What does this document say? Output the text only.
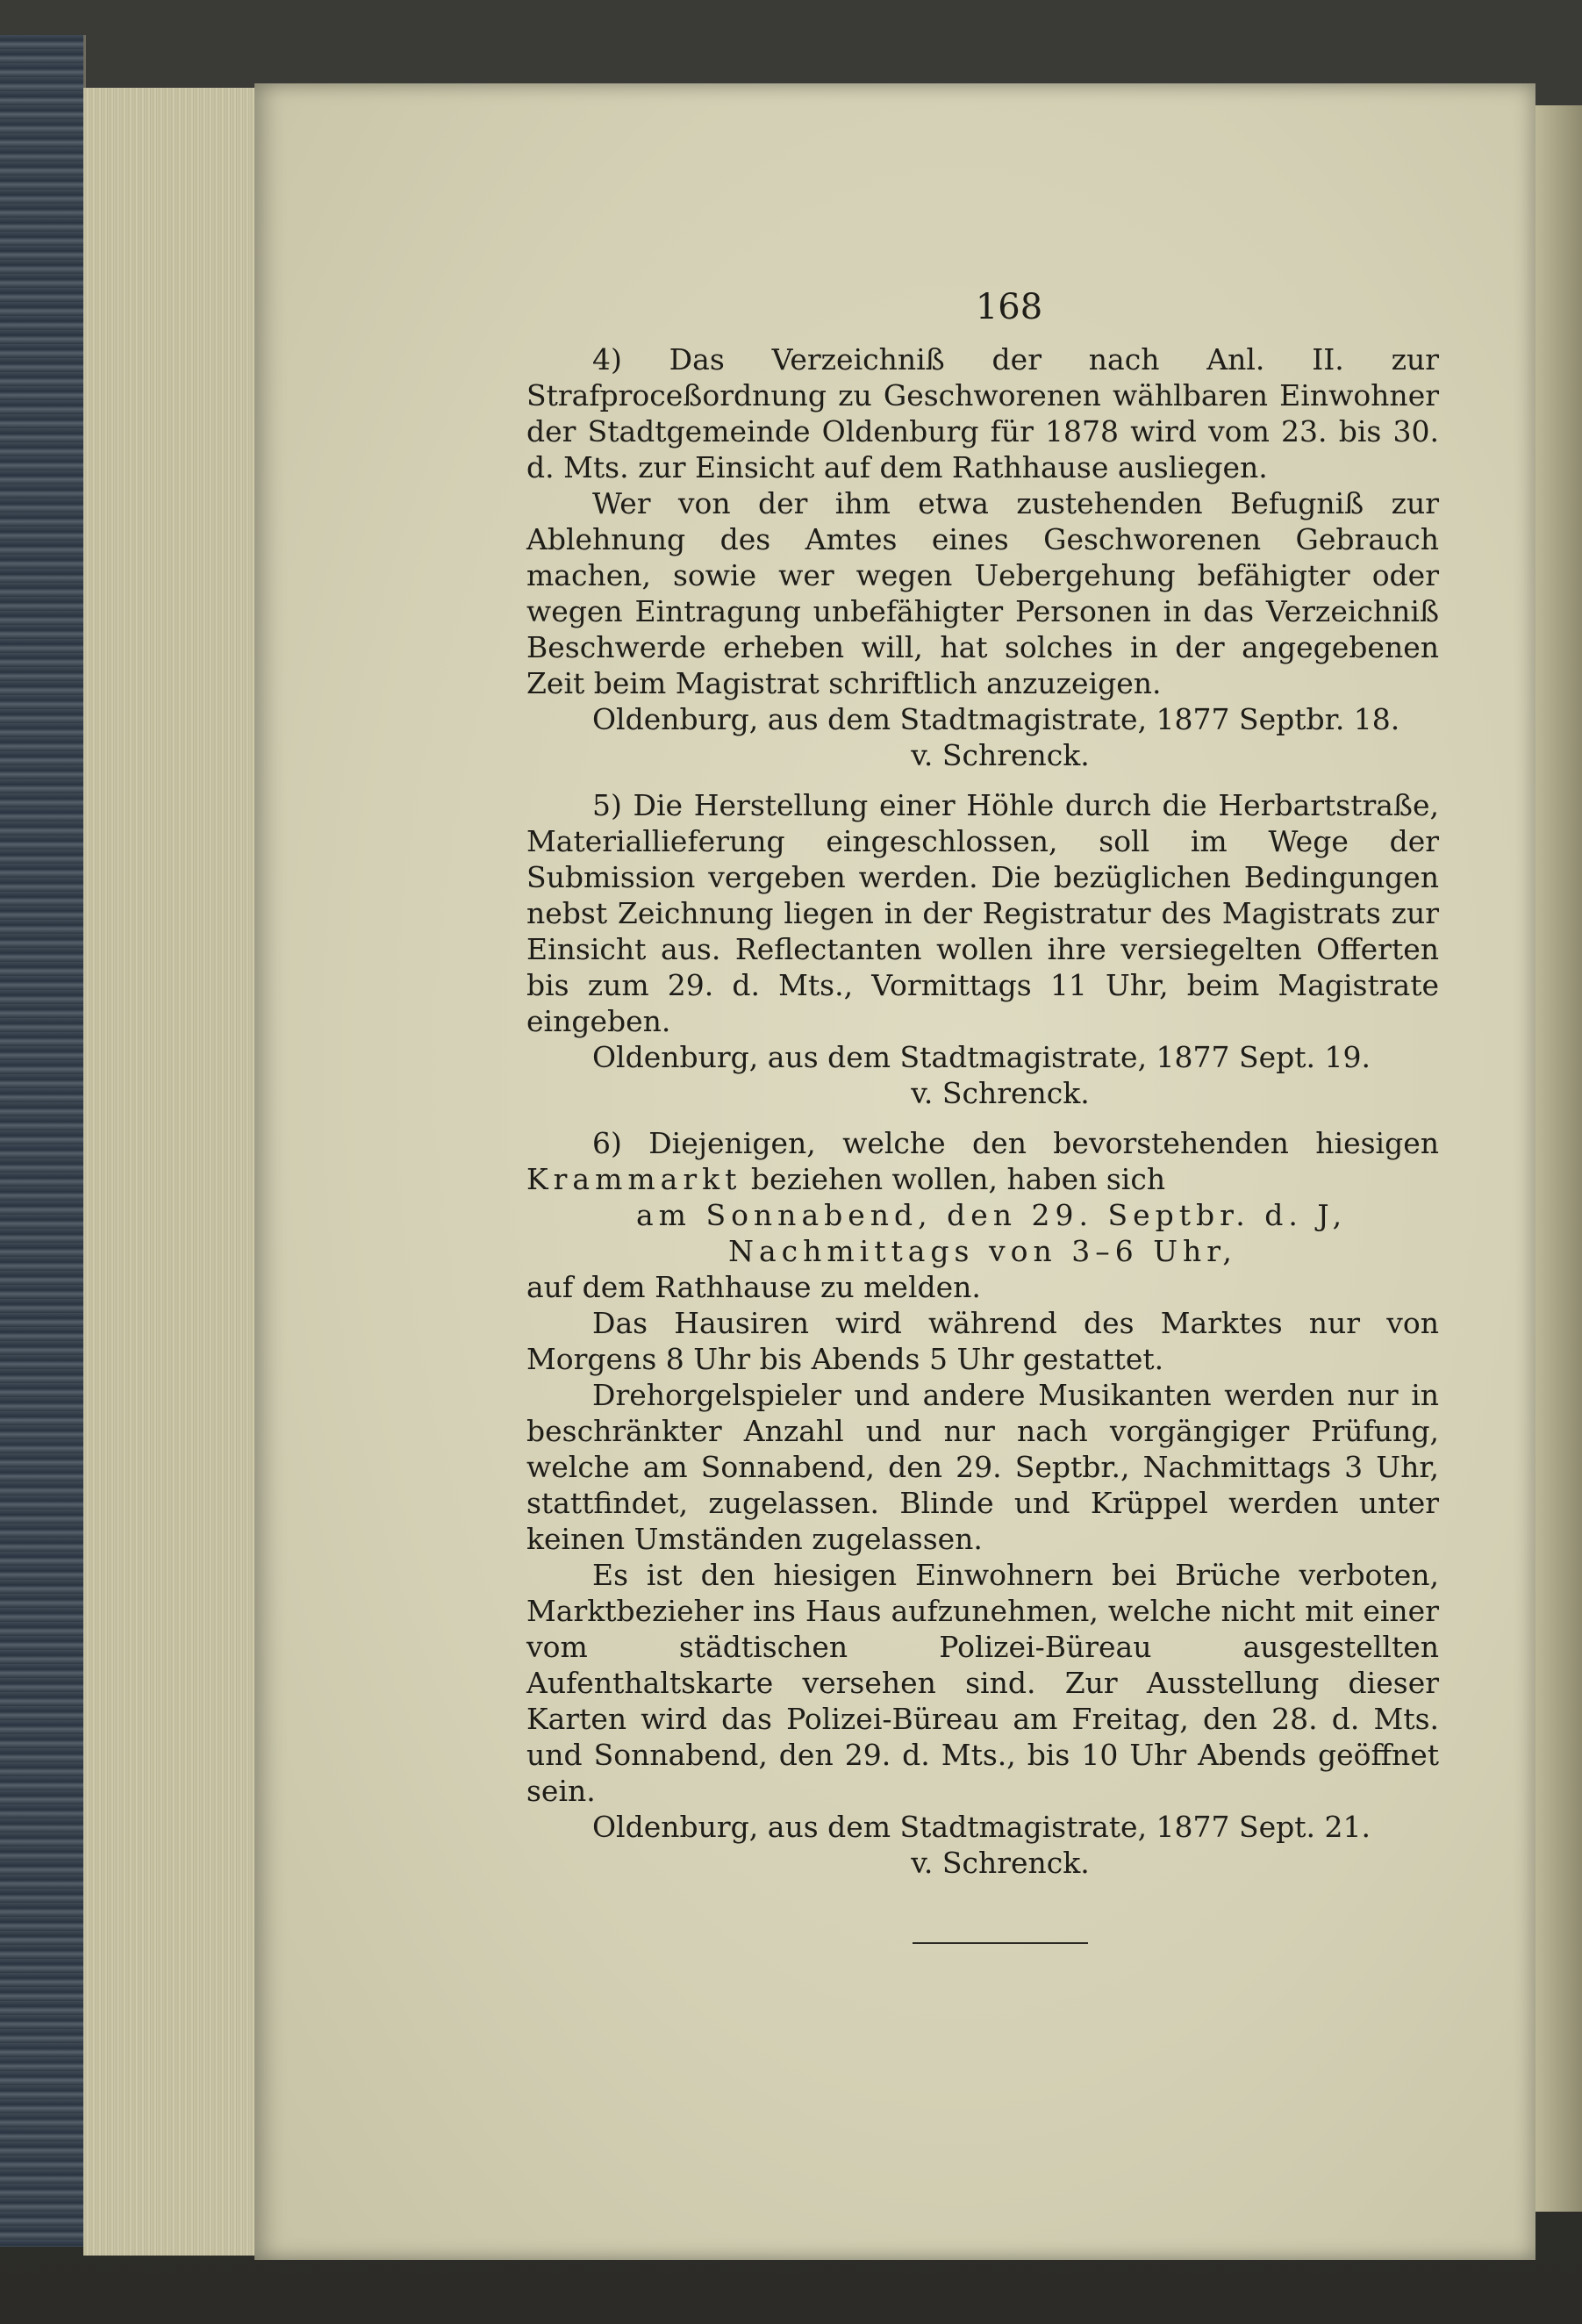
168

4) Das Verzeichniß der nach Anl. II. zur Strafproceßordnung zu Geschworenen wählbaren Einwohner der Stadtgemeinde Oldenburg für 1878 wird vom 23. bis 30. d. Mts. zur Einsicht auf dem Rathhause ausliegen.

Wer von der ihm etwa zustehenden Befugniß zur Ablehnung des Amtes eines Geschworenen Gebrauch machen, sowie wer wegen Uebergehung befähigter oder wegen Eintragung unbefähigter Personen in das Verzeichniß Beschwerde erheben will, hat solches in der angegebenen Zeit beim Magistrat schriftlich anzuzeigen.

Oldenburg, aus dem Stadtmagistrate, 1877 Septbr. 18.

v. Schrenck.

5) Die Herstellung einer Höhle durch die Herbartstraße, Materiallieferung eingeschlossen, soll im Wege der Submission vergeben werden. Die bezüglichen Bedingungen nebst Zeichnung liegen in der Registratur des Magistrats zur Einsicht aus. Reflectanten wollen ihre versiegelten Offerten bis zum 29. d. Mts., Vormittags 11 Uhr, beim Magistrate eingeben.

Oldenburg, aus dem Stadtmagistrate, 1877 Sept. 19.

v. Schrenck.

6) Diejenigen, welche den bevorstehenden hiesigen Krammarkt beziehen wollen, haben sich

am Sonnabend, den 29. Septbr. d. J,

Nachmittags von 3–6 Uhr,

auf dem Rathhause zu melden.

Das Hausiren wird während des Marktes nur von Morgens 8 Uhr bis Abends 5 Uhr gestattet.

Drehorgelspieler und andere Musikanten werden nur in beschränkter Anzahl und nur nach vorgängiger Prüfung, welche am Sonnabend, den 29. Septbr., Nachmittags 3 Uhr, stattfindet, zugelassen. Blinde und Krüppel werden unter keinen Umständen zugelassen.

Es ist den hiesigen Einwohnern bei Brüche verboten, Marktbezieher ins Haus aufzunehmen, welche nicht mit einer vom städtischen Polizei-Büreau ausgestellten Aufenthaltskarte versehen sind. Zur Ausstellung dieser Karten wird das Polizei-Büreau am Freitag, den 28. d. Mts. und Sonnabend, den 29. d. Mts., bis 10 Uhr Abends geöffnet sein.

Oldenburg, aus dem Stadtmagistrate, 1877 Sept. 21.

v. Schrenck.
